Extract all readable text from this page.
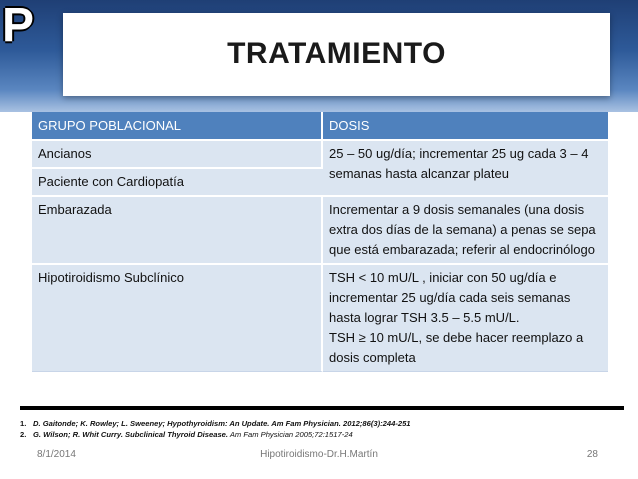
P
TRATAMIENTO
GRUPO POBLACIONAL	DOSIS
Ancianos	25 – 50 ug/día; incrementar 25 ug cada 3 – 4 semanas hasta alcanzar plateu
Paciente con Cardiopatía	
Embarazada	Incrementar a 9 dosis semanales (una dosis extra dos días de la semana) a penas se sepa que está embarazada; referir al endocrinólogo
Hipotiroidismo Subclínico	TSH < 10 mU/L , iniciar con 50 ug/día e incrementar 25 ug/día cada seis semanas hasta lograr TSH 3.5 – 5.5 mU/L.
TSH ≥ 10 mU/L, se debe hacer reemplazo a dosis completa
1. D. Gaitonde; K. Rowley; L. Sweeney; Hypothyroidism: An Update. Am Fam Physician. 2012;86(3):244-251
2. G. Wilson; R. Whit Curry. Subclinical Thyroid Disease. Am Fam Physician 2005;72:1517-24
8/1/2014	Hipotiroidismo-Dr.H.Martín	28
